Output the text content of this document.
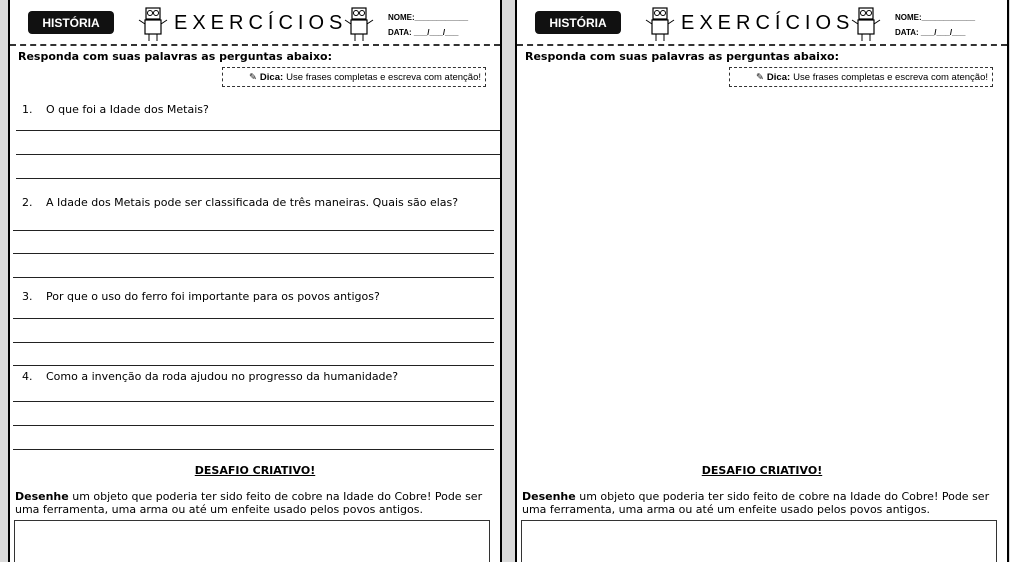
HISTÓRIA	EXERCÍCIOS	NOME:____________
DATA: ___/___/___
Responda com suas palavras as perguntas abaixo:
✎ Dica: Use frases completas e escreva com atenção!
1. O que foi a Idade dos Metais?
2. A Idade dos Metais pode ser classificada de três maneiras. Quais são elas?
3. Por que o uso do ferro foi importante para os povos antigos?
4. Como a invenção da roda ajudou no progresso da humanidade?
DESAFIO CRIATIVO!
Desenhe um objeto que poderia ter sido feito de cobre na Idade do Cobre! Pode ser uma ferramenta, uma arma ou até um enfeite usado pelos povos antigos.
HISTÓRIA	EXERCÍCIOS	NOME:____________
DATA: ___/___/___
Responda com suas palavras as perguntas abaixo:
✎ Dica: Use frases completas e escreva com atenção!
DESAFIO CRIATIVO!
Desenhe um objeto que poderia ter sido feito de cobre na Idade do Cobre! Pode ser uma ferramenta, uma arma ou até um enfeite usado pelos povos antigos.
